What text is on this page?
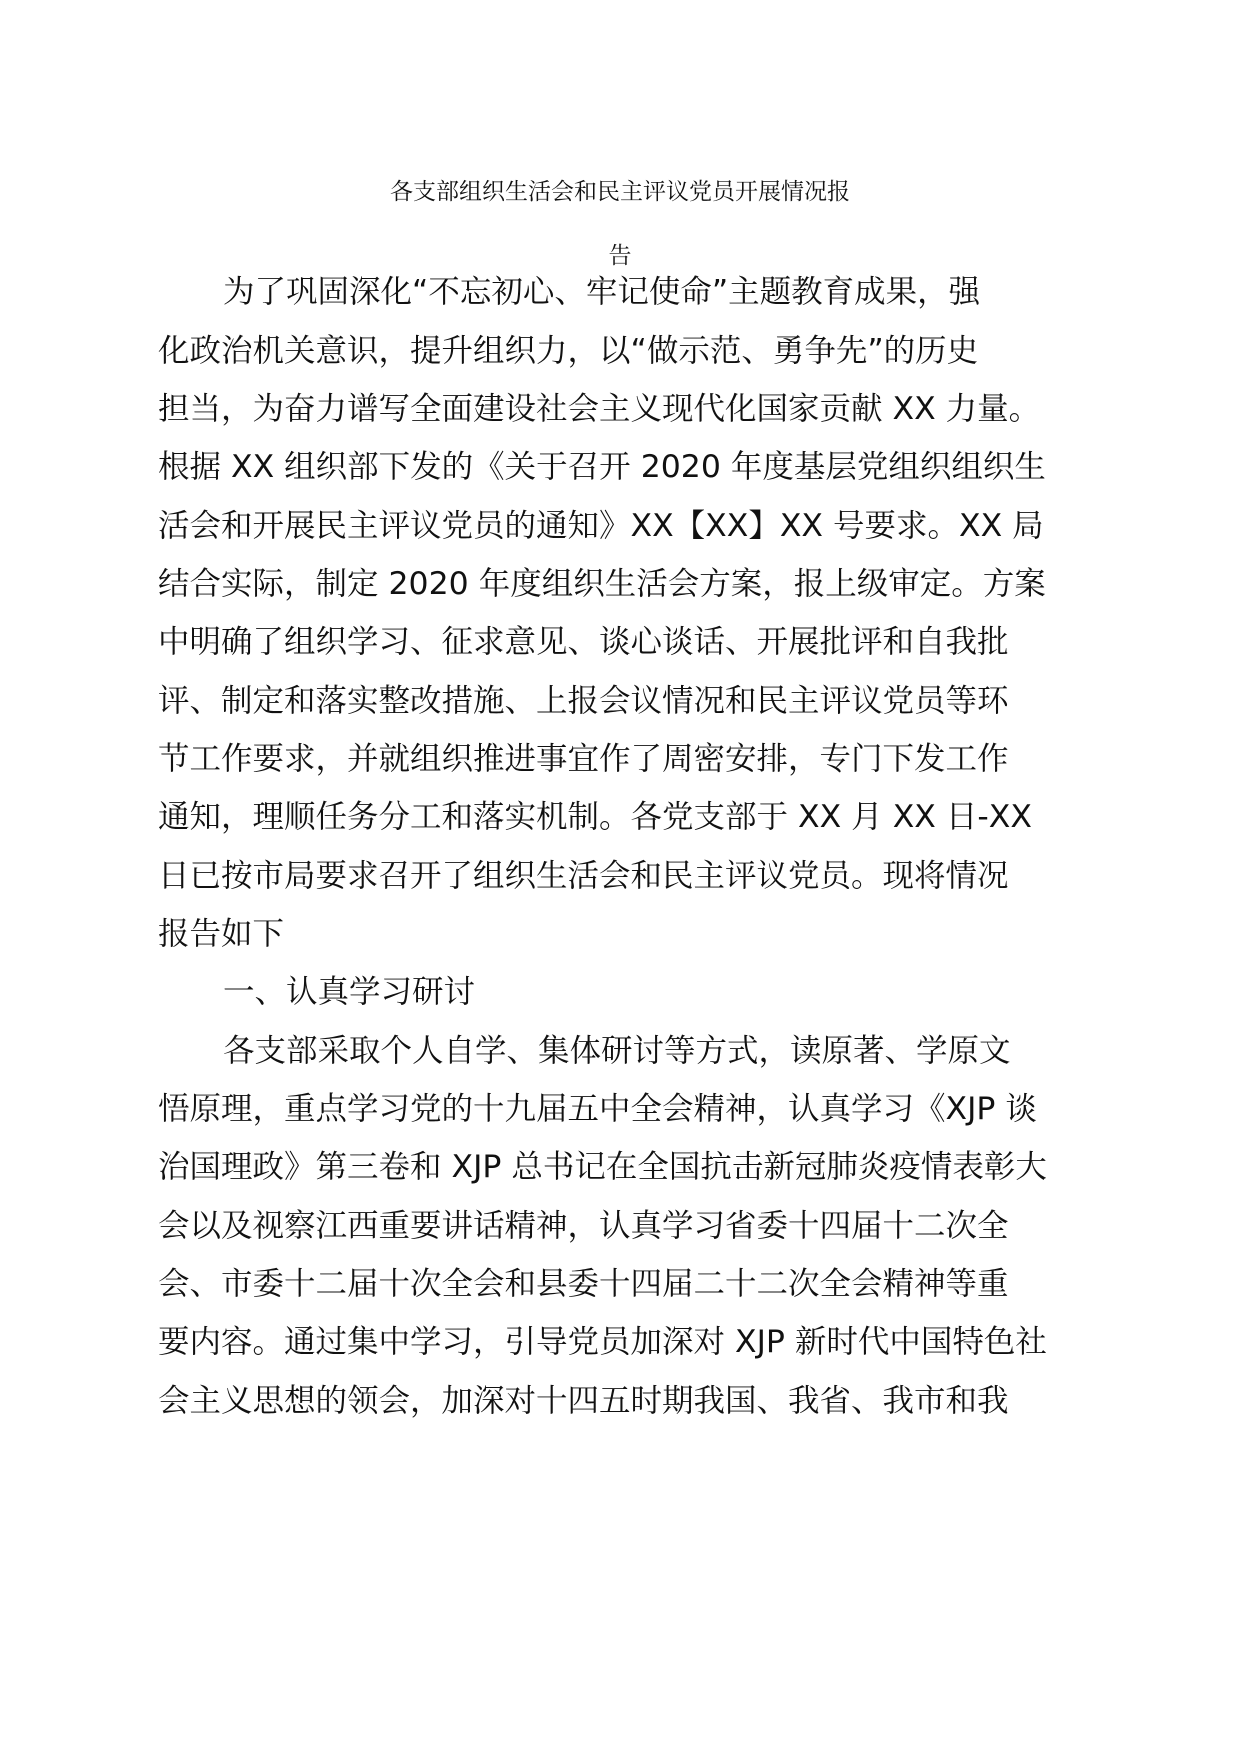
各支部组织生活会和民主评议党员开展情况报
告
为了巩固深化“不忘初心、牢记使命”主题教育成果，强
化政治机关意识，提升组织力，以“做示范、勇争先”的历史
担当，为奋力谱写全面建设社会主义现代化国家贡献 XX 力量。
根据 XX 组织部下发的《关于召开 2020 年度基层党组织组织生
活会和开展民主评议党员的通知》XX【XX】XX 号要求。XX 局
结合实际，制定 2020 年度组织生活会方案，报上级审定。方案
中明确了组织学习、征求意见、谈心谈话、开展批评和自我批
评、制定和落实整改措施、上报会议情况和民主评议党员等环
节工作要求，并就组织推进事宜作了周密安排，专门下发工作
通知，理顺任务分工和落实机制。各党支部于 XX 月 XX 日-XX
日已按市局要求召开了组织生活会和民主评议党员。现将情况
报告如下
一、认真学习研讨
各支部采取个人自学、集体研讨等方式，读原著、学原文
悟原理，重点学习党的十九届五中全会精神，认真学习《XJP 谈
治国理政》第三卷和 XJP 总书记在全国抗击新冠肺炎疫情表彰大
会以及视察江西重要讲话精神，认真学习省委十四届十二次全
会、市委十二届十次全会和县委十四届二十二次全会精神等重
要内容。通过集中学习，引导党员加深对 XJP 新时代中国特色社
会主义思想的领会，加深对十四五时期我国、我省、我市和我
